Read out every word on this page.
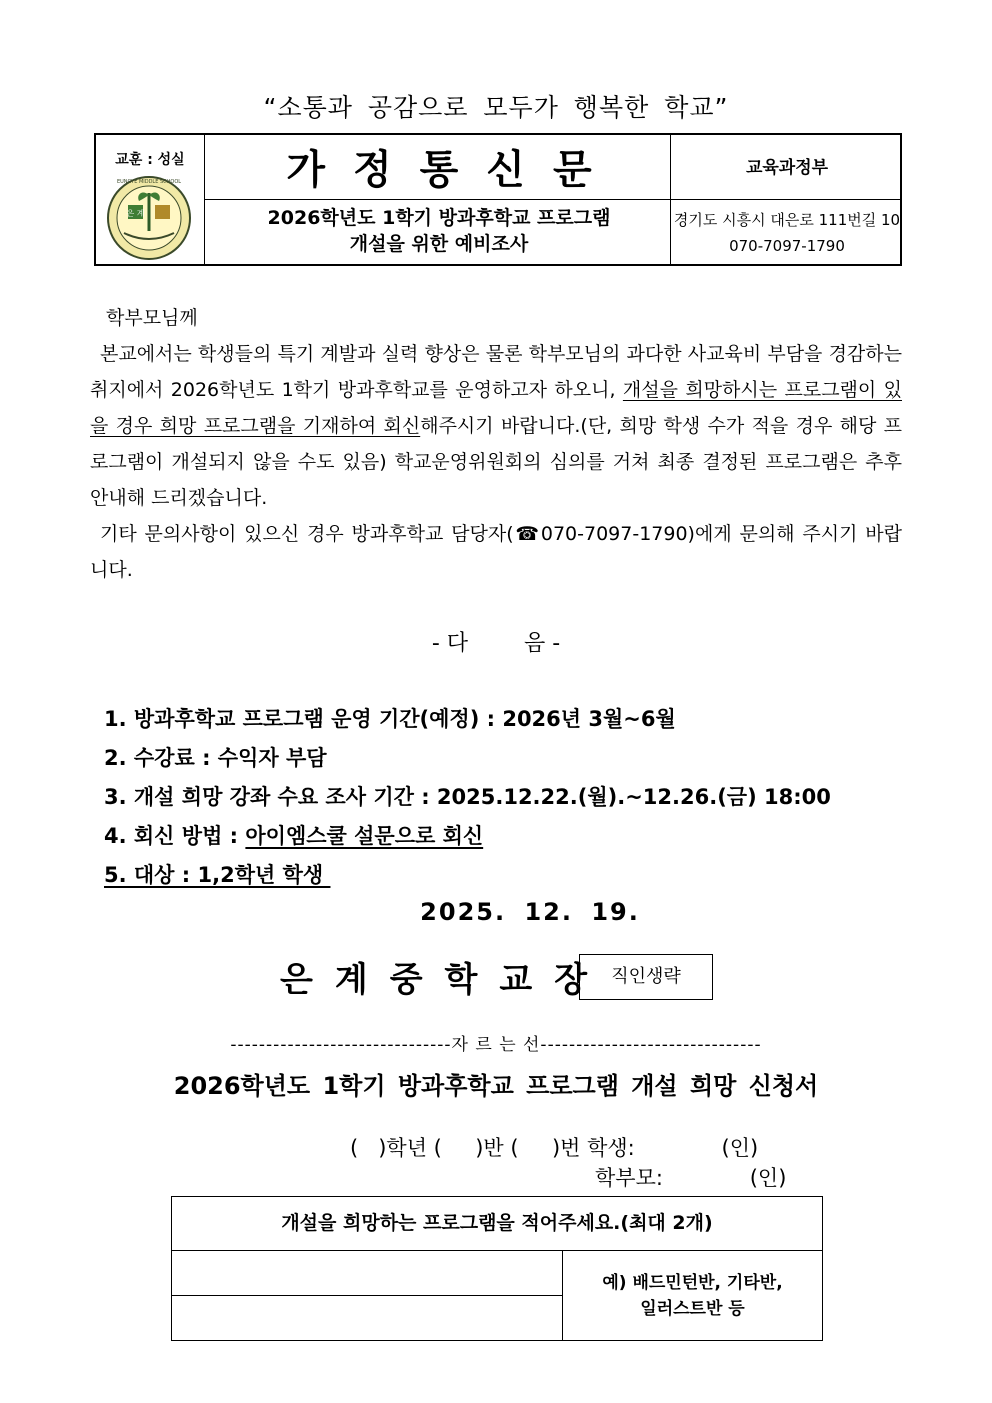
“소통과 공감으로 모두가 행복한 학교”
교훈 : 성실
은 계
EUNGYE MIDDLE SCHOOL	가정통신문	교육과정부
2026학년도 1학기 방과후학교 프로그램
개설을 위한 예비조사
경기도 시흥시 대은로 111번길 10
070-7097-1790
학부모님께
본교에서는 학생들의 특기 계발과 실력 향상은 물론 학부모님의 과다한 사교육비 부담을 경감하는 취지에서 2026학년도 1학기 방과후학교를 운영하고자 하오니, 개설을 희망하시는 프로그램이 있을 경우 희망 프로그램을 기재하여 회신해주시기 바랍니다.(단, 희망 학생 수가 적을 경우 해당 프로그램이 개설되지 않을 수도 있음) 학교운영위원회의 심의를 거쳐 최종 결정된 프로그램은 추후 안내해 드리겠습니다.
기타 문의사항이 있으신 경우 방과후학교 담당자(☎070-7097-1790)에게 문의해 주시기 바랍니다.
- 다        음 -
1. 방과후학교 프로그램 운영 기간(예정) : 2026년 3월~6월
2. 수강료 : 수익자 부담
3. 개설 희망 강좌 수요 조사 기간 : 2025.12.22.(월).~12.26.(금) 18:00
4. 회신 방법 : 아이엠스쿨 설문으로 회신
5. 대상 : 1,2학년 학생
2025. 12. 19.
은계중학교장 직인생략
-------------------------------자 르 는 선-------------------------------
2026학년도 1학기 방과후학교 프로그램 개설 희망 신청서
(   )학년 (     )반 (     )번 학생:             (인)
학부모:             (인)
개설을 희망하는 프로그램을 적어주세요.(최대 2개)
예) 배드민턴반, 기타반,
일러스트반 등
